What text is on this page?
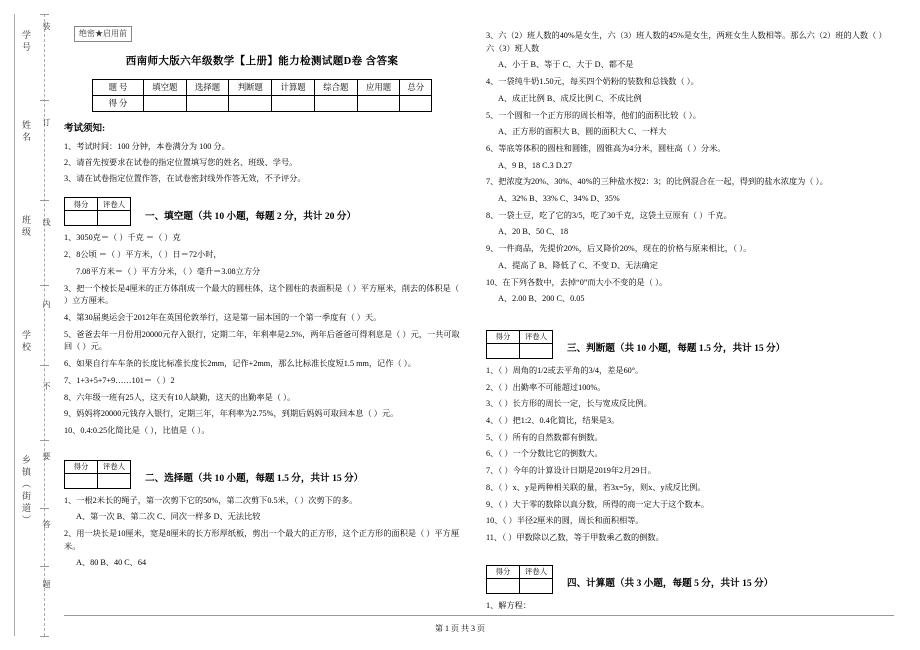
学号
姓名
班级
学校
乡镇（街道）
装
订
线
内
不
要
答
题
绝密★启用前
西南师大版六年级数学【上册】能力检测试题D卷 含答案
题 号	填空题	选择题	判断题	计算题	综合题	应用题	总分
得 分							
考试须知:
1、考试时间：100 分钟，本卷满分为 100 分。
2、请首先按要求在试卷的指定位置填写您的姓名、班级、学号。
3、请在试卷指定位置作答，在试卷密封线外作答无效，不予评分。
得分	评卷人

一、填空题（共 10 小题，每题 2 分，共计 20 分）
1、3050克＝（ ）千克 ＝（ ）克
2、8公顷 ＝（ ）平方米，（ ）日＝72小时，
7.08平方米＝（ ）平方分米，（ ）毫升＝3.08立方分
3、把一个棱长是4厘米的正方体削成一个最大的圆柱体，这个圆柱的表面积是（ ）平方厘米，削去的体积是（ ）立方厘米。
4、第30届奥运会于2012年在英国伦敦举行，这是第一届本国的一个第一季度有（ ）天。
5、爸爸去年一月份用20000元存入银行，定期二年，年利率是2.5%，两年后爸爸可得利息是（ ）元，一共可取回（ ）元。
6、如果自行车车条的长度比标准长度长2mm，记作+2mm，那么比标准长度短1.5 mm，记作（ ）。
7、1+3+5+7+9……101＝（ ）2
8、六年级一班有25人，这天有10人缺勤，这天的出勤率是（ ）。
9、妈妈将20000元钱存入银行，定期三年，年利率为2.75%，到期后妈妈可取回本息（ ）元。
10、0.4:0.25化简比是（ ），比值是（ ）。
得分	评卷人

二、选择题（共 10 小题，每题 1.5 分，共计 15 分）
1、一根2米长的绳子，第一次剪下它的50%，第二次剪下0.5米，（ ）次剪下的多。
A、第一次 B、第二次 C、同次一样多 D、无法比较
2、用一块长是10厘米，宽是8厘米的长方形厚纸板，剪出一个最大的正方形，这个正方形的面积是（ ）平方厘米。
A、80 B、40 C、64
3、六（2）班人数的40%是女生，六（3）班人数的45%是女生，两班女生人数相等。那么六（2）班的人数（ ）六（3）班人数
A、小于 B、等于 C、大于 D、都不是
4、一袋纯牛奶1.50元，每买四个奶粉的装数和总钱数（ ）。
A、成正比例 B、成反比例 C、不成比例
5、一个圆和一个正方形的周长相等，他们的面积比较（ ）。
A、正方形的面积大 B、圆的面积大 C、一样大
6、等底等体积的圆柱和圆锥，圆锥高为4分米，圆柱高（ ）分米。
A、9 B、18 C.3 D.27
7、把浓度为20%、30%、40%的三种盐水按2：3；的比例混合在一起，得到的盐水浓度为（ ）。
A、32% B、33% C、34% D、35%
8、一袋土豆，吃了它的3/5，吃了30千克，这袋土豆原有（ ）千克。
A、20 B、50 C、18
9、一件商品，先提价20%，后又降价20%，现在的价格与原来相比，（ ）。
A、提高了 B、降低了 C、不变 D、无法确定
10、在下列各数中，去掉“0”而大小不变的是（ ）。
A、2.00 B、200 C、0.05
得分	评卷人

三、判断题（共 10 小题，每题 1.5 分，共计 15 分）
1、（ ）周角的1/2或去平角的3/4，差是60°。
2、（ ）出勤率不可能超过100%。
3、（ ）长方形的周长一定，长与宽成反比例。
4、（ ）把1:2、0.4化简比，结果是3。
5、（ ）所有的自然数都有倒数。
6、（ ）一个分数比它的倒数大。
7、（ ）今年的计算设计日期是2019年2月29日。
8、（ ）x、y是两种相关联的量，若3x=5y，则x、y成反比例。
9、（ ）大于零的数除以真分数，所得的商一定大于这个数本。
10、（ ）半径2厘米的圆，周长和面积相等。
11、（ ）甲数除以乙数，等于甲数乘乙数的倒数。
得分	评卷人

四、计算题（共 3 小题，每题 5 分，共计 15 分）
1、解方程：
第 1 页 共 3 页
